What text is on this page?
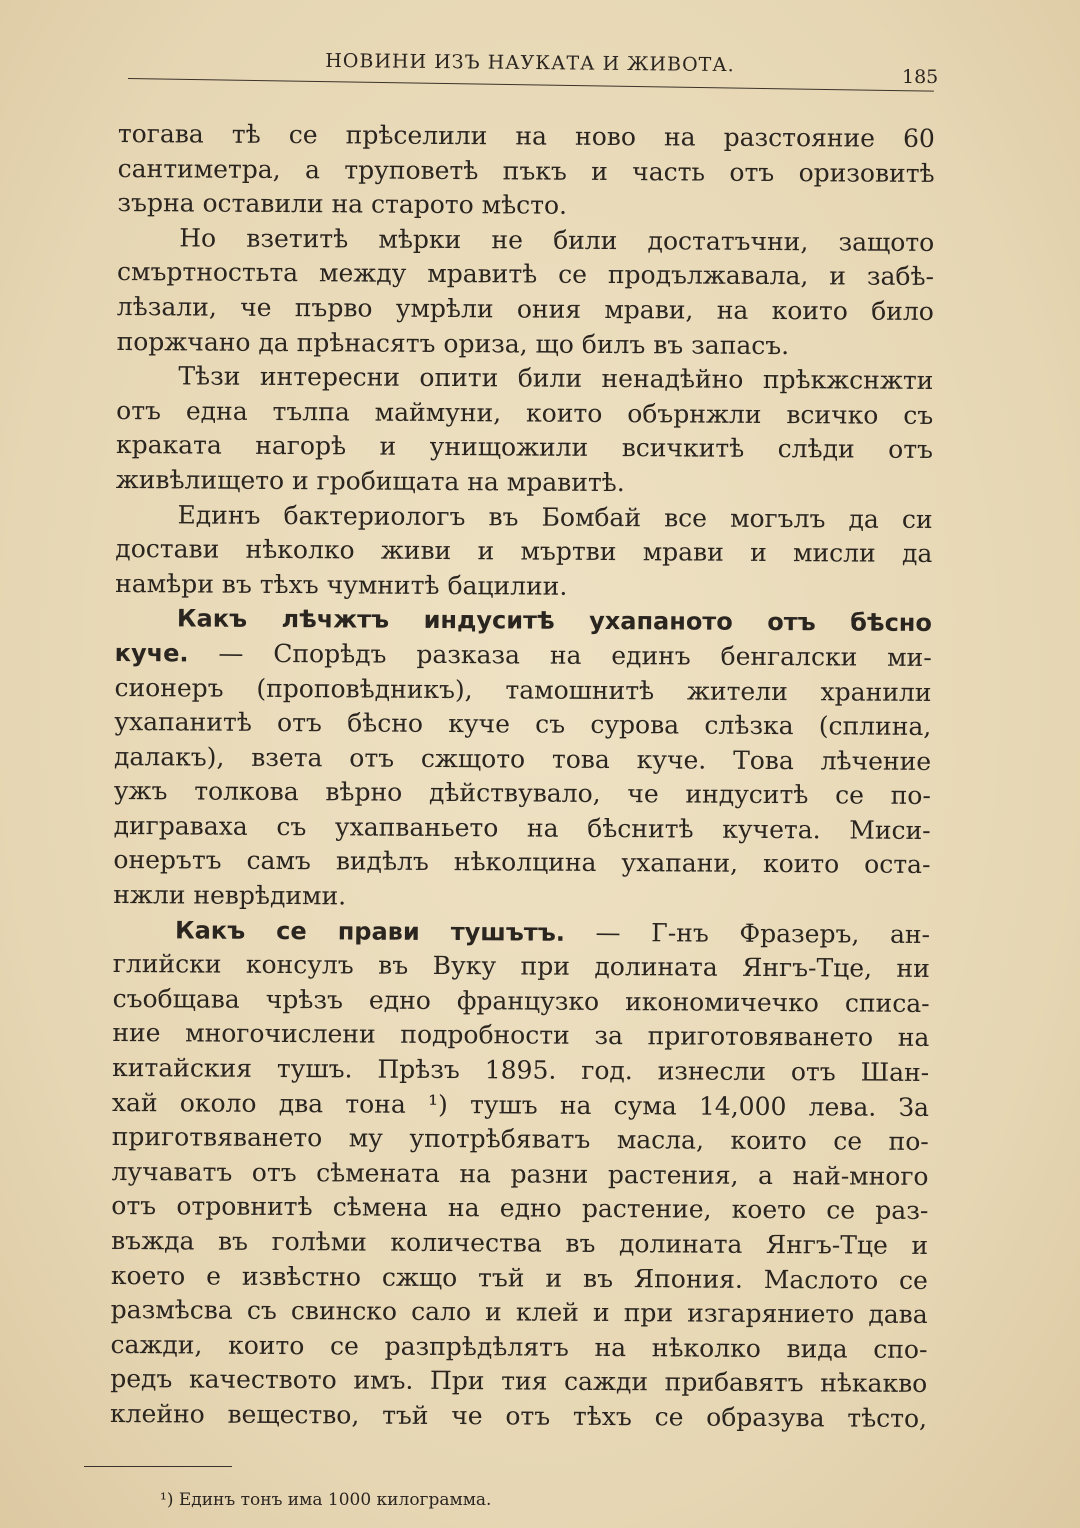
НОВИНИ ИЗЪ НАУКАТА И ЖИВОТА.
185
тогава тѣ се прѣселили на ново на разстояние 60
сантиметра, а труповетѣ пъкъ и часть отъ оризовитѣ
зърна оставили на старото мѣсто.
Но взетитѣ мѣрки не били достатъчни, защото
смъртностьта между мравитѣ се продължавала, и забѣ-
лѣзали, че първо умрѣли ония мрави, на които било
поржчано да прѣнасятъ ориза, що билъ въ запасъ.
Тѣзи интересни опити били ненадѣйно прѣкжснжти
отъ една тълпа маймуни, които обърнжли всичко съ
краката нагорѣ и унищожили всичкитѣ слѣди отъ
живѣлището и гробищата на мравитѣ.
Единъ бактериологъ въ Бомбай все могълъ да си
достави нѣколко живи и мъртви мрави и мисли да
намѣри въ тѣхъ чумнитѣ бацилии.
Какъ лѣчжтъ индуситѣ ухапаното отъ бѣсно
куче. — Спорѣдъ разказа на единъ бенгалски ми-
сионеръ (проповѣдникъ), тамошнитѣ жители хранили
ухапанитѣ отъ бѣсно куче съ сурова слѣзка (сплина,
далакъ), взета отъ сжщото това куче. Това лѣчение
ужъ толкова вѣрно дѣйствувало, че индуситѣ се по-
диграваха съ ухапваньето на бѣснитѣ кучета. Миси-
онерътъ самъ видѣлъ нѣколцина ухапани, които оста-
нжли неврѣдими.
Какъ се прави тушътъ. — Г-нъ Фразеръ, ан-
глийски консулъ въ Вуку при долината Янгъ-Тце, ни
съобщава чрѣзъ едно французко икономичечко списа-
ние многочислени подробности за приготовяването на
китайския тушъ. Прѣзъ 1895. год. изнесли отъ Шан-
хай около два тона ¹) тушъ на сума 14,000 лева. За
приготвяването му употрѣбяватъ масла, които се по-
лучаватъ отъ сѣмената на разни растения, а най-много
отъ отровнитѣ сѣмена на едно растение, което се раз-
въжда въ голѣми количества въ долината Янгъ-Тце и
което е извѣстно сжщо тъй и въ Япония. Маслото се
размѣсва съ свинско сало и клей и при изгарянието дава
сажди, които се разпрѣдѣлятъ на нѣколко вида спо-
редъ качеството имъ. При тия сажди прибавятъ нѣкакво
клейно вещество, тъй че отъ тѣхъ се образува тѣсто,
¹) Единъ тонъ има 1000 килограмма.
